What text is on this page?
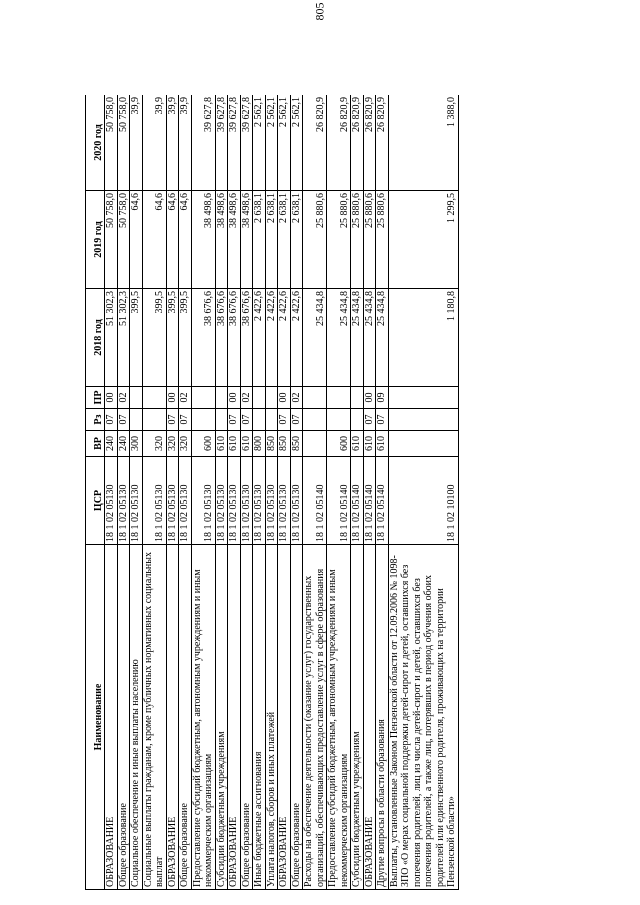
805
Наименование	ЦСР	ВР	Рз	ПР	2018 год	2019 год	2020 год
ОБРАЗОВАНИЕ	18 1 02 05130	240	07	00	51 302,3	50 758,0	50 758,0
Общее образование	18 1 02 05130	240	07	02	51 302,3	50 758,0	50 758,0
Социальное обеспечение и иные выплаты населению	18 1 02 05130	300			399,5	64,6	39,9
Социальные выплаты гражданам, кроме публичных нормативных социальных выплат	18 1 02 05130	320			399,5	64,6	39,9
ОБРАЗОВАНИЕ	18 1 02 05130	320	07	00	399,5	64,6	39,9
Общее образование	18 1 02 05130	320	07	02	399,5	64,6	39,9
Предоставление субсидий бюджетным, автономным учреждениям и иным некоммерческим организациям	18 1 02 05130	600			38 676,6	38 498,6	39 627,8
Субсидии бюджетным учреждениям	18 1 02 05130	610			38 676,6	38 498,6	39 627,8
ОБРАЗОВАНИЕ	18 1 02 05130	610	07	00	38 676,6	38 498,6	39 627,8
Общее образование	18 1 02 05130	610	07	02	38 676,6	38 498,6	39 627,8
Иные бюджетные ассигнования	18 1 02 05130	800			2 422,6	2 638,1	2 562,1
Уплата налогов, сборов и иных платежей	18 1 02 05130	850			2 422,6	2 638,1	2 562,1
ОБРАЗОВАНИЕ	18 1 02 05130	850	07	00	2 422,6	2 638,1	2 562,1
Общее образование	18 1 02 05130	850	07	02	2 422,6	2 638,1	2 562,1
Расходы на обеспечение деятельности (оказание услуг) государственных организаций, обеспечивающих предоставление услуг в сфере образования	18 1 02 05140				25 434,8	25 880,6	26 820,9
Предоставление субсидий бюджетным, автономным учреждениям и иным некоммерческим организациям	18 1 02 05140	600			25 434,8	25 880,6	26 820,9
Субсидии бюджетным учреждениям	18 1 02 05140	610			25 434,8	25 880,6	26 820,9
ОБРАЗОВАНИЕ	18 1 02 05140	610	07	00	25 434,8	25 880,6	26 820,9
Другие вопросы в области образования	18 1 02 05140	610	07	09	25 434,8	25 880,6	26 820,9
Выплаты, установленные Законом Пензенской области от 12.09.2006 № 1098-ЗПО «О мерах социальной поддержки детей-сирот и детей, оставшихся без попечения родителей, лиц из числа детей-сирот и детей, оставшихся без попечения родителей, а также лиц, потерявших в период обучения обоих родителей или единственного родителя, проживающих на территории Пензенской области»	18 1 02 10100				1 180,8	1 299,5	1 388,0
